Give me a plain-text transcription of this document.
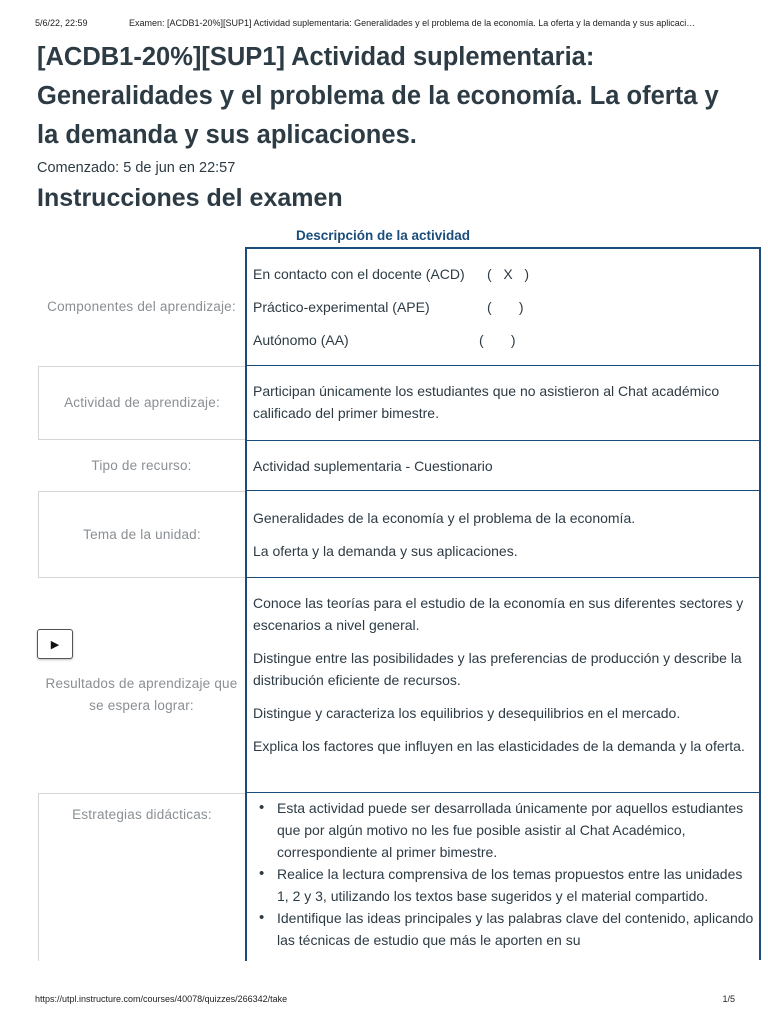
5/6/22, 22:59	Examen: [ACDB1-20%][SUP1] Actividad suplementaria: Generalidades y el problema de la economía. La oferta y la demanda y sus aplicaci…
[ACDB1-20%][SUP1] Actividad suplementaria: Generalidades y el problema de la economía. La oferta y la demanda y sus aplicaciones.
Comenzado: 5 de jun en 22:57
Instrucciones del examen
Descripción de la actividad
Componentes del aprendizaje:
En contacto con el docente (ACD)	(   X   )
Práctico-experimental (APE)	(       )
Autónomo (AA)	(       )
Actividad de aprendizaje:
Participan únicamente los estudiantes que no asistieron al Chat académico calificado del primer bimestre.
Tipo de recurso:	Actividad suplementaria - Cuestionario
Tema de la unidad:
Generalidades de la economía y el problema de la economía.
La oferta y la demanda y sus aplicaciones.
Resultados de aprendizaje que se espera lograr:
Conoce las teorías para el estudio de la economía en sus diferentes sectores y escenarios a nivel general.
Distingue entre las posibilidades y las preferencias de producción y describe la distribución eficiente de recursos.
Distingue y caracteriza los equilibrios y desequilibrios en el mercado.
Explica los factores que influyen en las elasticidades de la demanda y la oferta.
Estrategias didácticas:
•	Esta actividad puede ser desarrollada únicamente por aquellos estudiantes que por algún motivo no les fue posible asistir al Chat Académico, correspondiente al primer bimestre.
• Realice la lectura comprensiva de los temas propuestos entre las unidades 1, 2 y 3, utilizando los textos base sugeridos y el material compartido.
• Identifique las ideas principales y las palabras clave del contenido, aplicando las técnicas de estudio que más le aporten en su
▶
https://utpl.instructure.com/courses/40078/quizzes/266342/take	1/5
